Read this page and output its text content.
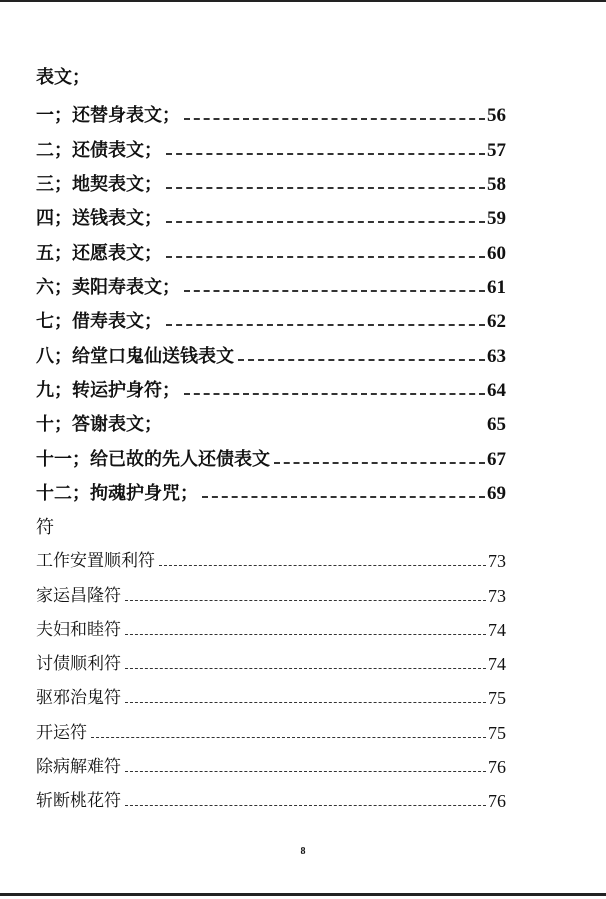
表文；
一；还替身表文；	56
二；还债表文；	57
三；地契表文；	58
四；送钱表文；	59
五；还愿表文；	60
六；卖阳寿表文；	61
七；借寿表文；	62
八；给堂口鬼仙送钱表文	63
九；转运护身符；	64
十；答谢表文；	65
十一；给已故的先人还债表文	67
十二；拘魂护身咒；	69
符
工作安置顺利符	73
家运昌隆符	73
夫妇和睦符	74
讨债顺利符	74
驱邪治鬼符	75
开运符	75
除病解难符	76
斩断桃花符	76
8
